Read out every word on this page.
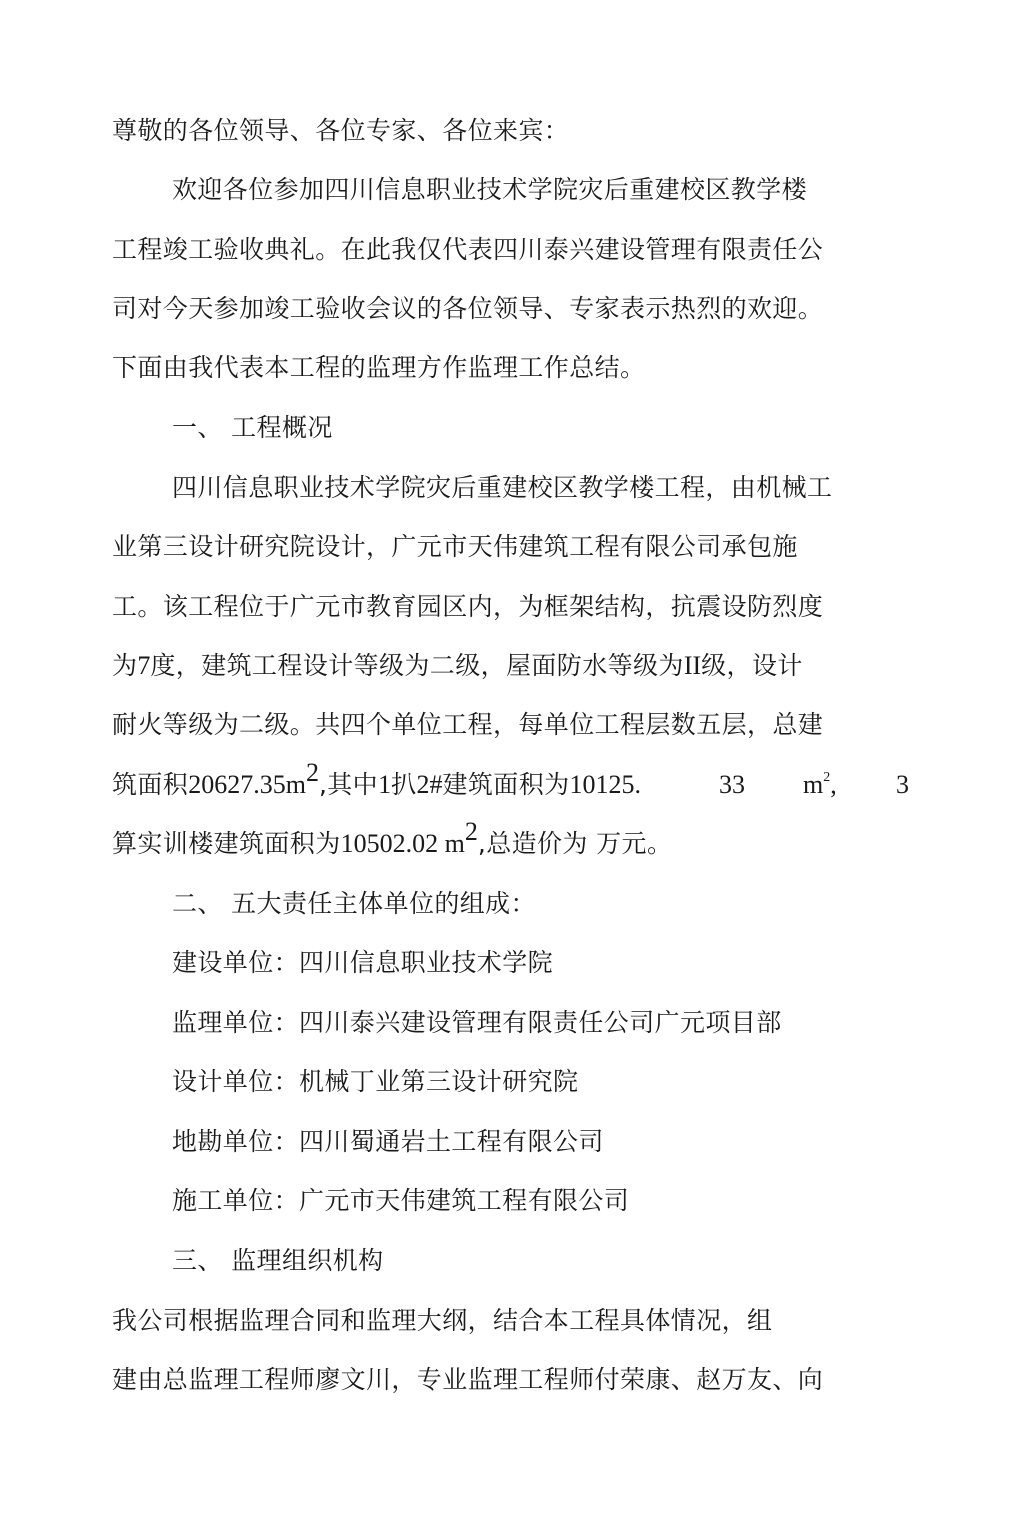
尊敬的各位领导、各位专家、各位来宾：
欢迎各位参加四川信息职业技术学院灾后重建校区教学楼
工程竣工验收典礼。在此我仅代表四川泰兴建设管理有限责任公
司对今天参加竣工验收会议的各位领导、专家表示热烈的欢迎。
下面由我代表本工程的监理方作监理工作总结。
一、 工程概况
四川信息职业技术学院灾后重建校区教学楼工程，由机械工
业第三设计研究院设计，广元市天伟建筑工程有限公司承包施
工。该工程位于广元市教育园区内，为框架结构，抗震设防烈度
为7度，建筑工程设计等级为二级，屋面防水等级为II级，设计
耐火等级为二级。共四个单位工程，每单位工程层数五层，总建
筑面积$20627.35m^2$,其中1扒2#建筑面积为10125.	33 $m^2$, 3
算实训楼建筑面积为10502.02 $m^2$,总造价为 万元。
二、 五大责任主体单位的组成：
建设单位：四川信息职业技术学院
监理单位：四川泰兴建设管理有限责任公司广元项目部
设计单位：机械丁业第三设计研究院
地勘单位：四川蜀通岩土工程有限公司
施工单位：广元市天伟建筑工程有限公司
三、 监理组织机构
我公司根据监理合同和监理大纲，结合本工程具体情况，组
建由总监理工程师廖文川，专业监理工程师付荣康、赵万友、向
